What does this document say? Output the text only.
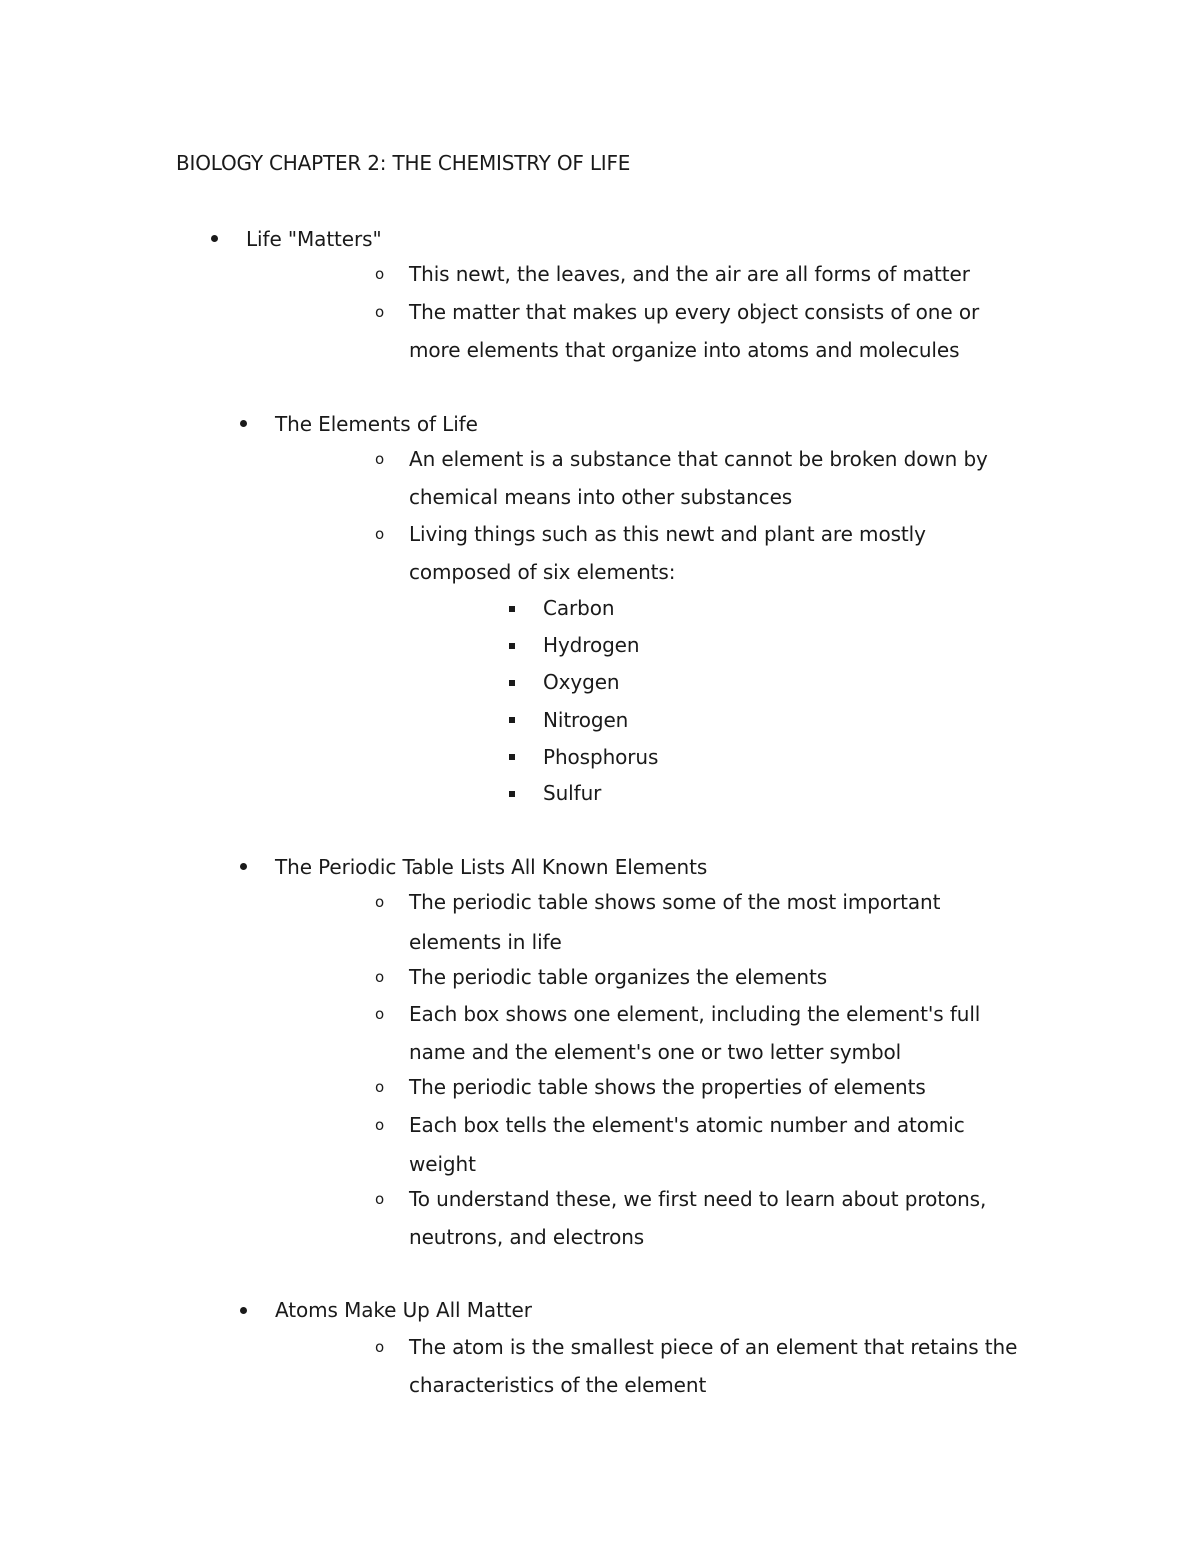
BIOLOGY CHAPTER 2: THE CHEMISTRY OF LIFE
Life "Matters"
o This newt, the leaves, and the air are all forms of matter
o The matter that makes up every object consists of one or
more elements that organize into atoms and molecules
The Elements of Life
o An element is a substance that cannot be broken down by
chemical means into other substances
o Living things such as this newt and plant are mostly
composed of six elements:
Carbon
Hydrogen
Oxygen
Nitrogen
Phosphorus
Sulfur
The Periodic Table Lists All Known Elements
o The periodic table shows some of the most important
elements in life
o The periodic table organizes the elements
o Each box shows one element, including the element's full
name and the element's one or two letter symbol
o The periodic table shows the properties of elements
o Each box tells the element's atomic number and atomic
weight
o To understand these, we first need to learn about protons,
neutrons, and electrons
Atoms Make Up All Matter
o The atom is the smallest piece of an element that retains the
characteristics of the element
